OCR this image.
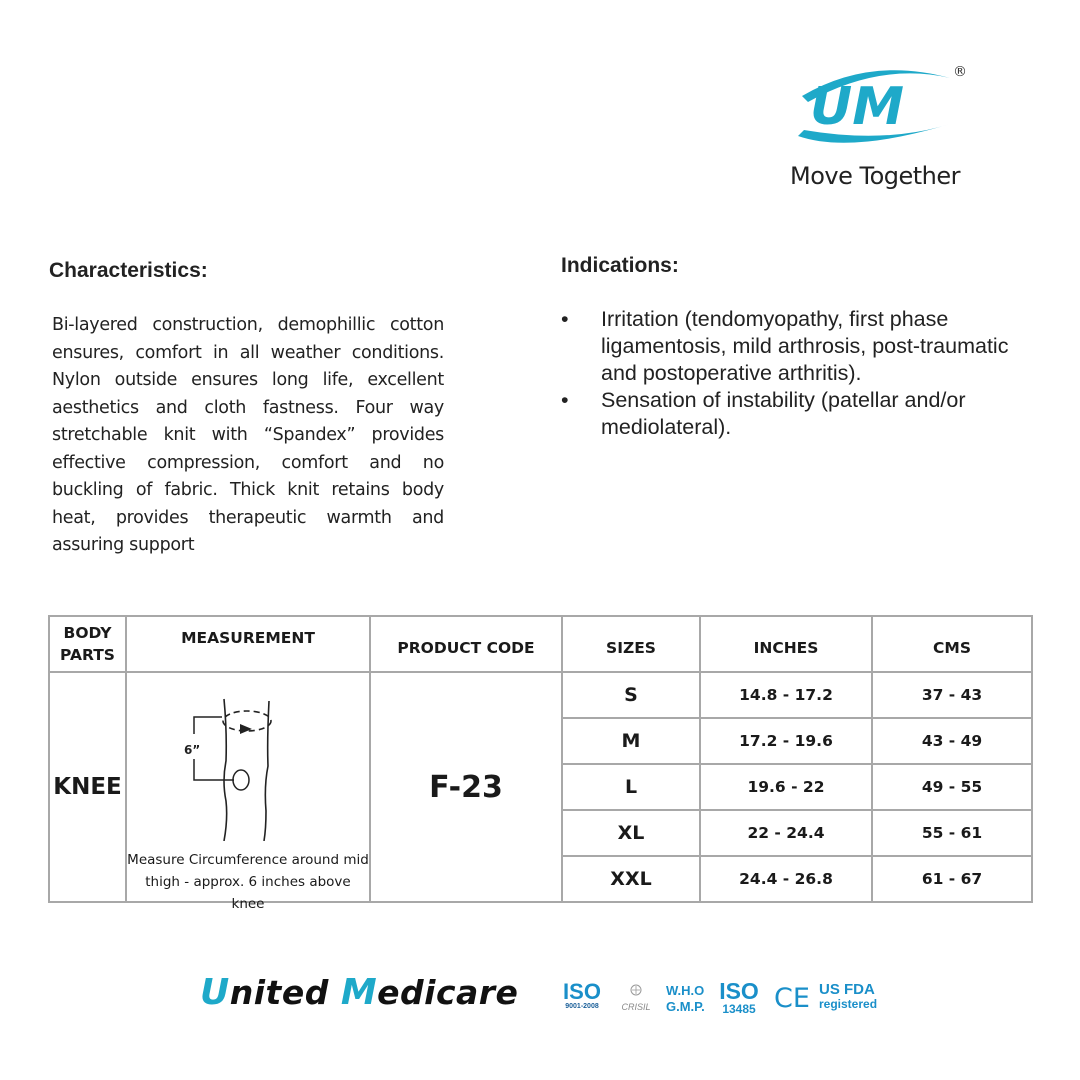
UM
®
Move Together
Characteristics:
Bi-layered construction, demophillic cotton ensures, comfort in all weather conditions. Nylon outside ensures long life, excellent aesthetics and cloth fastness. Four way stretchable knit with “Spandex” provides effective compression, comfort and no buckling of fabric. Thick knit retains body heat, provides therapeutic warmth and assuring support
Indications:
• Irritation (tendomyopathy, first phase ligamentosis, mild arthrosis, post-traumatic and postoperative arthritis).
• Sensation of instability (patellar and/or mediolateral).
BODY
PARTS	MEASUREMENT	PRODUCT CODE	SIZES	INCHES	CMS
KNEE	6”
Measure Circumference around mid
thigh - approx. 6 inches above knee	F-23	S	14.8 - 17.2	37 - 43
			M	17.2 - 19.6	43 - 49
			L	19.6 - 22	49 - 55
			XL	22 - 24.4	55 - 61
			XXL	24.4 - 26.8	61 - 67
United Medicare ISO
9001-2008	CRISIL
W.H.O
G.M.P.
ISO
13485 CE US FDA
registered
